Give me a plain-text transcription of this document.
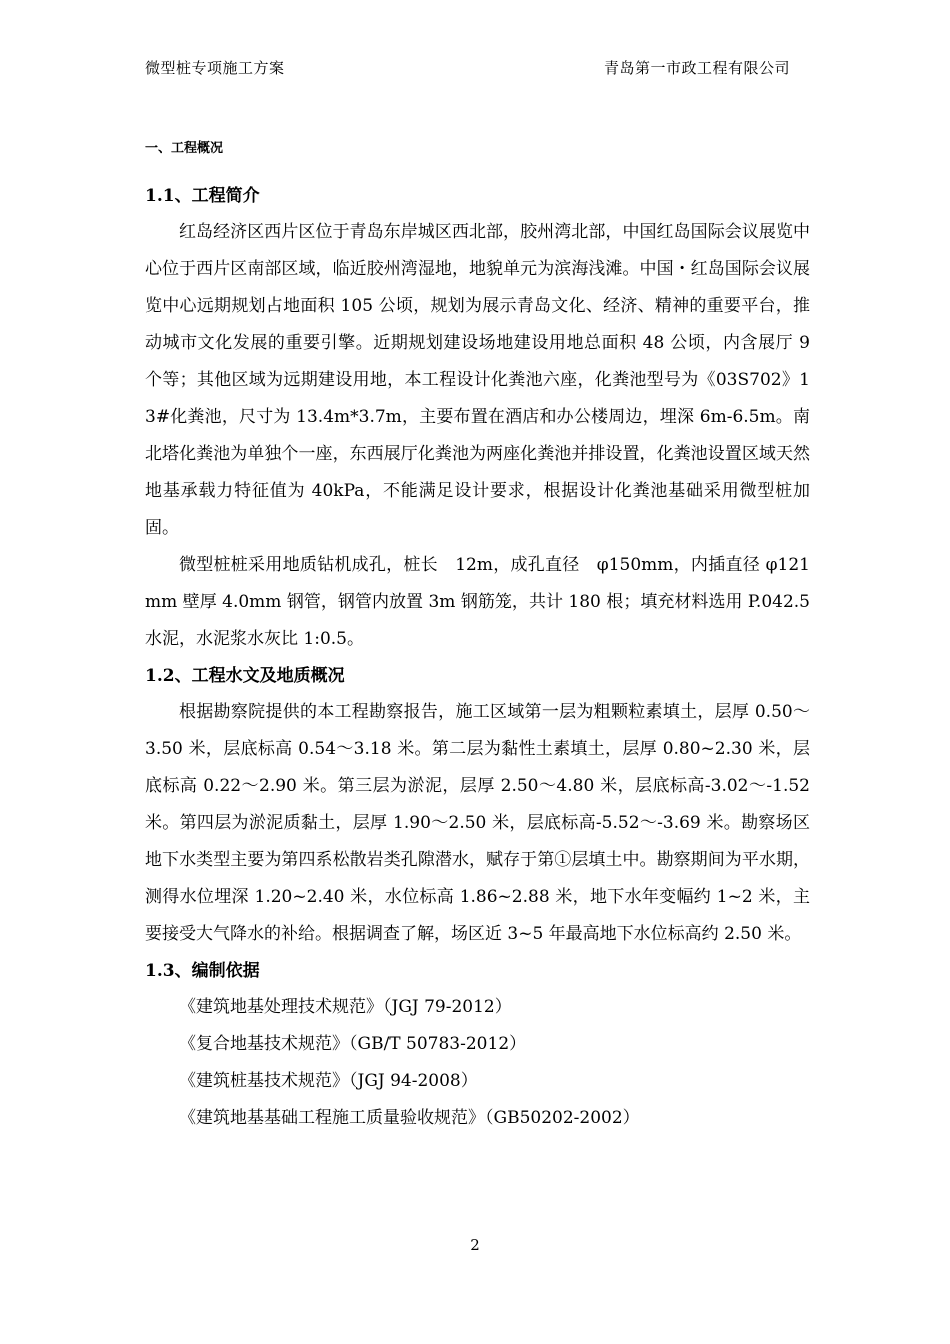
微型桩专项施工方案	青岛第一市政工程有限公司
一、工程概况
1.1、工程简介

红岛经济区西片区位于青岛东岸城区西北部，胶州湾北部，中国红岛国际会议展览中心位于西片区南部区域，临近胶州湾湿地，地貌单元为滨海浅滩。中国・红岛国际会议展览中心远期规划占地面积 105 公顷，规划为展示青岛文化、经济、精神的重要平台，推动城市文化发展的重要引擎。近期规划建设场地建设用地总面积 48 公顷，内含展厅 9 个等；其他区域为远期建设用地，本工程设计化粪池六座，化粪池型号为《03S702》13#化粪池，尺寸为 13.4m*3.7m，主要布置在酒店和办公楼周边，埋深 6m-6.5m。南北塔化粪池为单独个一座，东西展厅化粪池为两座化粪池并排设置，化粪池设置区域天然地基承载力特征值为 40kPa，不能满足设计要求，根据设计化粪池基础采用微型桩加固。

微型桩桩采用地质钻机成孔，桩长　12m，成孔直径　φ150mm，内插直径 φ121mm 壁厚 4.0mm 钢管，钢管内放置 3m 钢筋笼，共计 180 根；填充材料选用 P.042.5 水泥，水泥浆水灰比 1:0.5。

1.2、工程水文及地质概况

根据勘察院提供的本工程勘察报告，施工区域第一层为粗颗粒素填土，层厚 0.50～3.50 米，层底标高 0.54～3.18 米。第二层为黏性土素填土，层厚 0.80~2.30 米，层底标高 0.22～2.90 米。第三层为淤泥，层厚 2.50～4.80 米，层底标高-3.02～-1.52 米。第四层为淤泥质黏土，层厚 1.90～2.50 米，层底标高-5.52～-3.69 米。勘察场区地下水类型主要为第四系松散岩类孔隙潜水，赋存于第①层填土中。勘察期间为平水期，测得水位埋深 1.20~2.40 米，水位标高 1.86~2.88 米，地下水年变幅约 1~2 米，主要接受大气降水的补给。根据调查了解，场区近 3~5 年最高地下水位标高约 2.50 米。

1.3、编制依据
《建筑地基处理技术规范》（JGJ 79-2012）
《复合地基技术规范》（GB/T 50783-2012）
《建筑桩基技术规范》（JGJ 94-2008）
《建筑地基基础工程施工质量验收规范》（GB50202-2002）
2
